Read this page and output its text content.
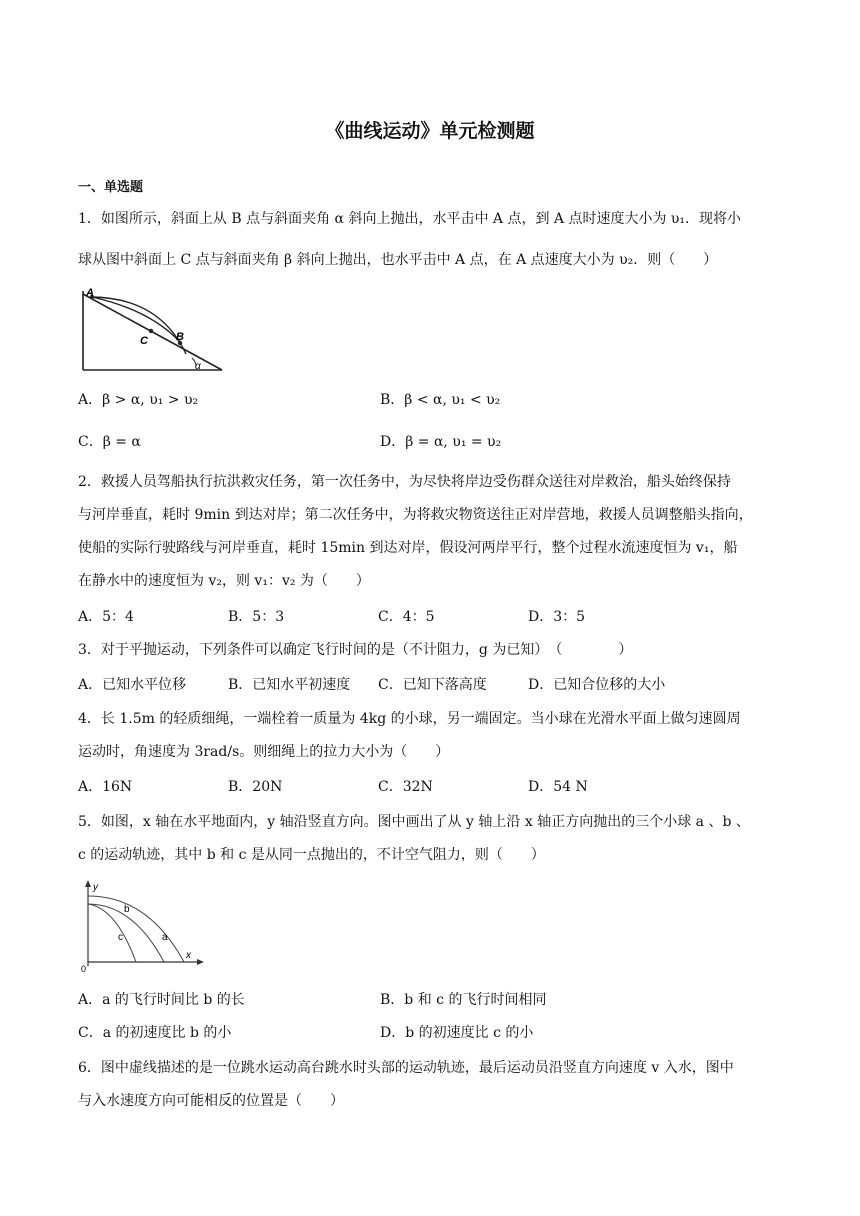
《曲线运动》单元检测题
一、单选题
1．如图所示，斜面上从 B 点与斜面夹角 α 斜向上抛出，水平击中 A 点，到 A 点时速度大小为 υ₁．现将小
球从图中斜面上 C 点与斜面夹角 β 斜向上抛出，也水平击中 A 点，在 A 点速度大小为 υ₂．则（　　）
A
C	B
α
A．β > α, υ₁ > υ₂	B．β < α, υ₁ < υ₂
C．β = α	D．β = α, υ₁ = υ₂
2．救援人员驾船执行抗洪救灾任务，第一次任务中，为尽快将岸边受伤群众送往对岸救治，船头始终保持
与河岸垂直，耗时 9min 到达对岸；第二次任务中，为将救灾物资送往正对岸营地，救援人员调整船头指向，
使船的实际行驶路线与河岸垂直，耗时 15min 到达对岸，假设河两岸平行，整个过程水流速度恒为 v₁，船
在静水中的速度恒为 v₂，则 v₁：v₂ 为（　　）
A．5：4	B．5：3	C．4：5	D．3：5
3．对于平抛运动，下列条件可以确定飞行时间的是（不计阻力，g 为已知）　（　　　　）
A．已知水平位移	B．已知水平初速度 C．已知下落高度	D．已知合位移的大小
4．长 1.5m 的轻质细绳，一端栓着一质量为 4kg 的小球，另一端固定。当小球在光滑水平面上做匀速圆周
运动时，角速度为 3rad/s。则细绳上的拉力大小为（　　）
A．16N	B．20N	C．32N	D．54 N
5．如图，x 轴在水平地面内，y 轴沿竖直方向。图中画出了从 y 轴上沿 x 轴正方向抛出的三个小球 a 、b 、
c 的运动轨迹，其中 b 和 c 是从同一点抛出的，不计空气阻力，则（　　）
y
b
c	a
x
0
A．a 的飞行时间比 b 的长	B．b 和 c 的飞行时间相同
C．a 的初速度比 b 的小	D．b 的初速度比 c 的小
6．图中虚线描述的是一位跳水运动高台跳水时头部的运动轨迹，最后运动员沿竖直方向速度 v 入水，图中
与入水速度方向可能相反的位置是（　　）
